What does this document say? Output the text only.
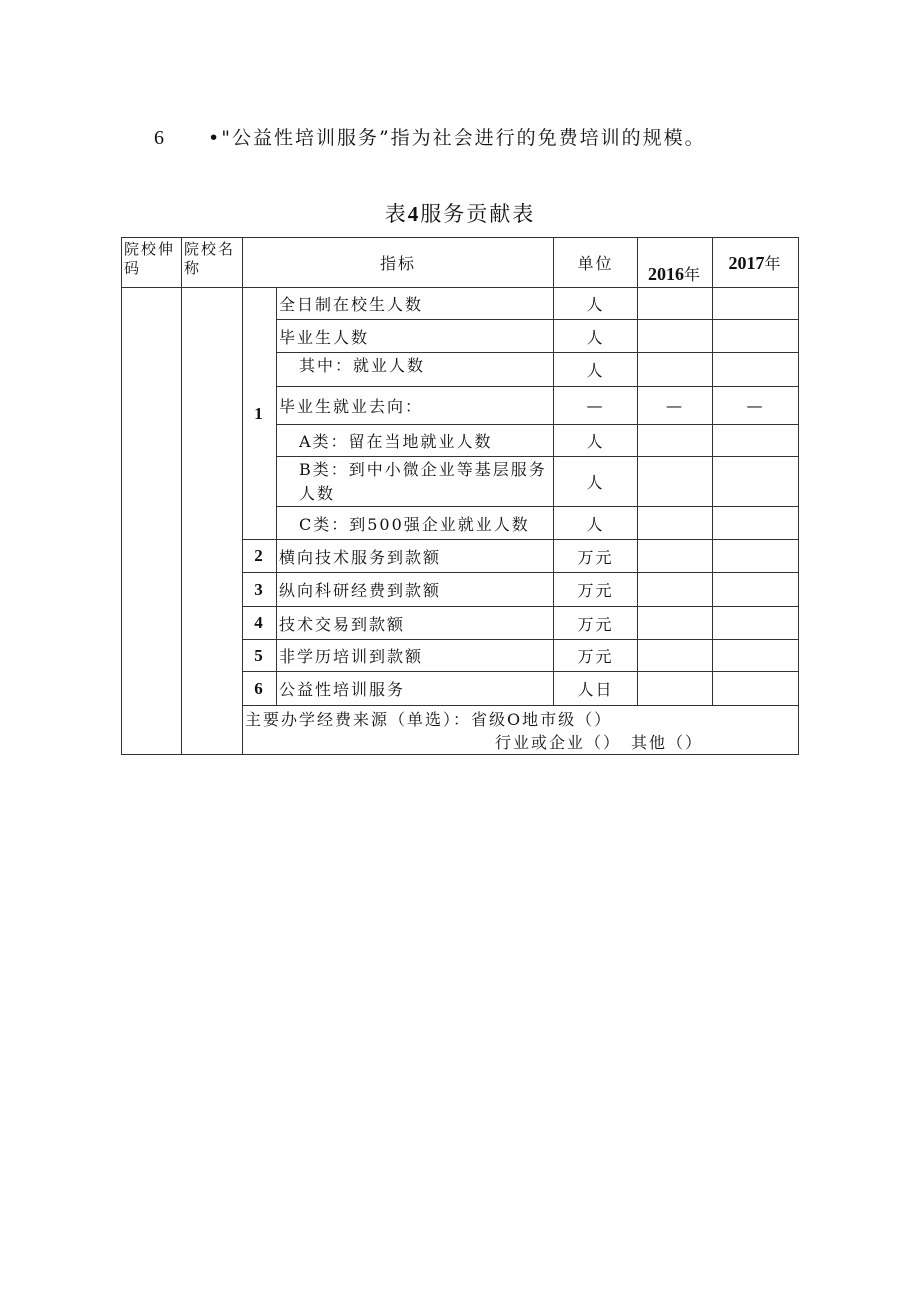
6 •"公益性培训服务”指为社会进行的免费培训的规模。
表4服务贡献表
院校伸码	院校名称	指标		单位	2016年	2017年
		1	全日制在校生人数	人		
			毕业生人数	人		
			其中：就业人数	人		
			毕业生就业去向：	—	—	—
			A类：留在当地就业人数	人		

			B类：到中小微企业等基层服务人数	人		
			C类：到500强企业就业人数	人		
		2	横向技术服务到款额	万元		
		3	纵向科研经费到款额	万元		
		4	技术交易到款额	万元		
		5	非学历培训到款额	万元		
		6	公益性培训服务	人日		

		主要办学经费来源（单选）：省级O地市级（）
行业或企业（）　其他（）				
